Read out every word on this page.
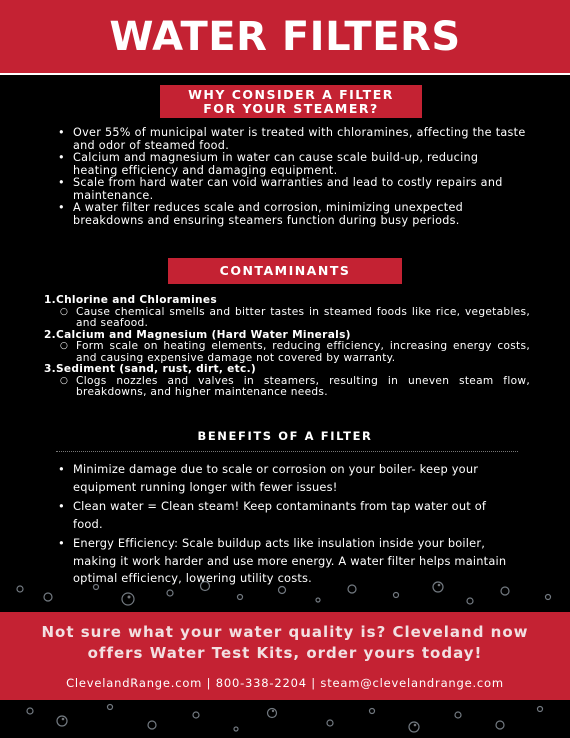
WATER FILTERS
WHY CONSIDER A FILTER
FOR YOUR STEAMER?
• Over 55% of municipal water is treated with chloramines, affecting the taste and odor of steamed food.
• Calcium and magnesium in water can cause scale build-up, reducing heating efficiency and damaging equipment.
• Scale from hard water can void warranties and lead to costly repairs and maintenance.
• A water filter reduces scale and corrosion, minimizing unexpected breakdowns and ensuring steamers function during busy periods.
CONTAMINANTS
1.Chlorine and Chloramines
○ Cause chemical smells and bitter tastes in steamed foods like rice, vegetables, and seafood.
2.Calcium and Magnesium (Hard Water Minerals)
○ Form scale on heating elements, reducing efficiency, increasing energy costs, and causing expensive damage not covered by warranty.
3.Sediment (sand, rust, dirt, etc.)
○ Clogs nozzles and valves in steamers, resulting in uneven steam flow, breakdowns, and higher maintenance needs.
BENEFITS OF A FILTER
• Minimize damage due to scale or corrosion on your boiler- keep your equipment running longer with fewer issues!
• Clean water = Clean steam! Keep contaminants from tap water out of food.
• Energy Efficiency: Scale buildup acts like insulation inside your boiler, making it work harder and use more energy. A water filter helps maintain optimal efficiency, lowering utility costs.
Not sure what your water quality is? Cleveland now
offers Water Test Kits, order yours today!
ClevelandRange.com | 800-338-2204 | steam@clevelandrange.com
